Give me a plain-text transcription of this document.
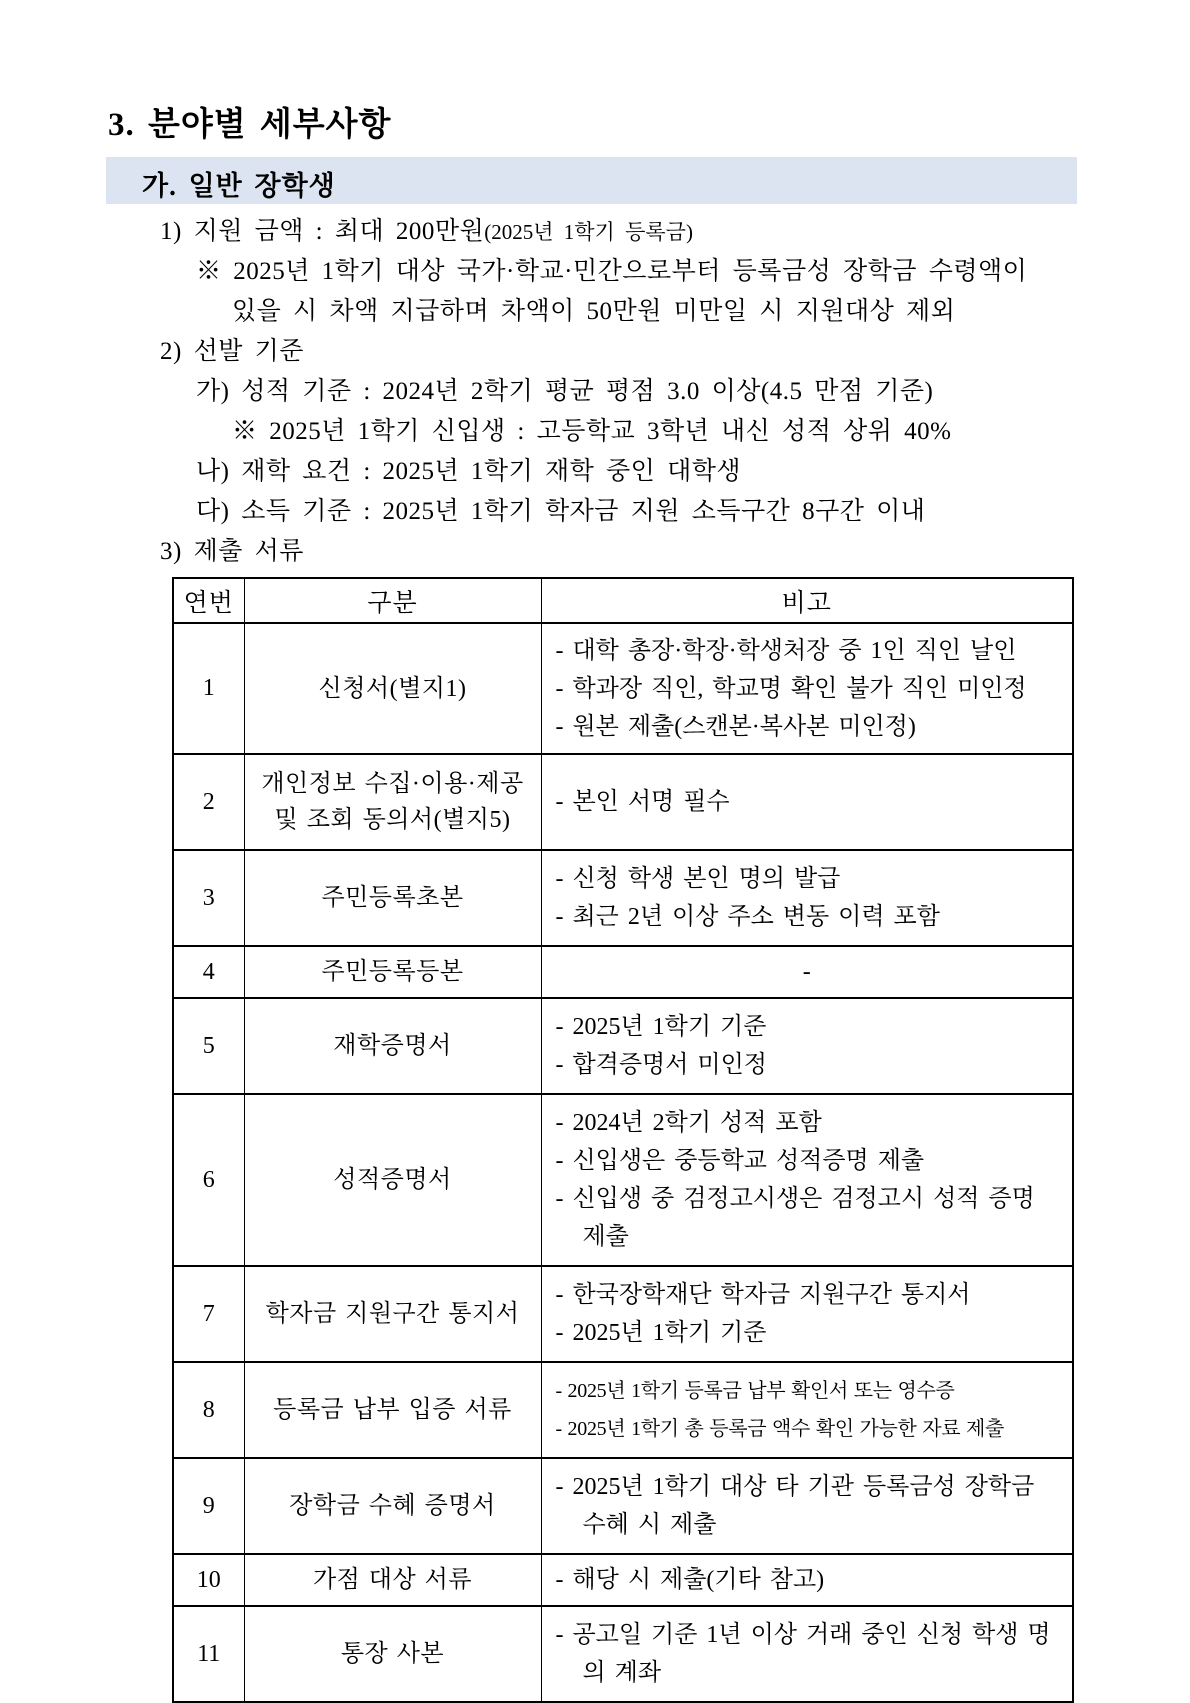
3. 분야별 세부사항
가. 일반 장학생
1) 지원 금액 : 최대 200만원(2025년 1학기 등록금)
※ 2025년 1학기 대상 국가·학교·민간으로부터 등록금성 장학금 수령액이
있을 시 차액 지급하며 차액이 50만원 미만일 시 지원대상 제외
2) 선발 기준
가) 성적 기준 : 2024년 2학기 평균 평점 3.0 이상(4.5 만점 기준)
※ 2025년 1학기 신입생 : 고등학교 3학년 내신 성적 상위 40%
나) 재학 요건 : 2025년 1학기 재학 중인 대학생
다) 소득 기준 : 2025년 1학기 학자금 지원 소득구간 8구간 이내
3) 제출 서류
연번	구분	비고
1	신청서(별지1)	- 대학 총장·학장·학생처장 중 1인 직인 날인
- 학과장 직인, 학교명 확인 불가 직인 미인정
- 원본 제출(스캔본·복사본 미인정)

2	개인정보 수집·이용·제공 및 조회 동의서(별지5)	- 본인 서명 필수

3	주민등록초본	- 신청 학생 본인 명의 발급
- 최근 2년 이상 주소 변동 이력 포함

4	주민등록등본	-

5	재학증명서	- 2025년 1학기 기준
- 합격증명서 미인정

6	성적증명서	- 2024년 2학기 성적 포함
- 신입생은 중등학교 성적증명 제출
- 신입생 중 검정고시생은 검정고시 성적 증명 제출

7	학자금 지원구간 통지서	- 한국장학재단 학자금 지원구간 통지서
- 2025년 1학기 기준

8	등록금 납부 입증 서류	- 2025년 1학기 등록금 납부 확인서 또는 영수증
- 2025년 1학기 총 등록금 액수 확인 가능한 자료 제출

9	장학금 수혜 증명서	- 2025년 1학기 대상 타 기관 등록금성 장학금 수혜 시 제출

10	가점 대상 서류	- 해당 시 제출(기타 참고)

11	통장 사본	- 공고일 기준 1년 이상 거래 중인 신청 학생 명의 계좌
